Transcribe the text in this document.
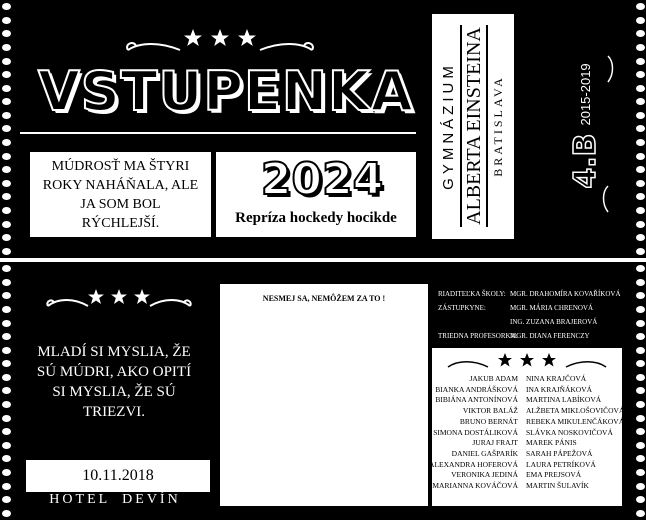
VSTUPENKA
MÚDROSŤ MA ŠTYRI ROKY NAHÁŇALA, ALE JA SOM BOL RÝCHLEJŠÍ.
2024
Repríza hockedy hocikde
GYMNÁZIUM ALBERTA EINSTEINA BRATISLAVA 4.B
2015-2019
MLADÍ SI MYSLIA, ŽE SÚ MÚDRI, AKO OPITÍ SI MYSLIA, ŽE SÚ TRIEZVI.
10.11.2018
HOTEL DEVÍN
NESMEJ SA, NEMÔŽEM ZA TO !	RIADITEĽKA ŠKOLY: MGR. DRAHOMÍRA KOVAŘÍKOVÁ
ZÁSTUPKYNE:	MGR. MÁRIA CHRENOVÁ
ING. ZUZANA BRAJEROVÁ
TRIEDNA PROFESORKA:
MGR. DIANA FERENCZY
JAKUB ADAM
BIANKA ANDRÁŠKOVÁ
BIBIÁNA ANTONÍNOVÁ
VIKTOR BALÁŽ
BRUNO BERNÁT
SIMONA DOSTÁLIKOVÁ
JURAJ FRAJT
DANIEL GAŠPARÍK
ALEXANDRA HOFEROVÁ
VERONIKA JEDINÁ
MARIANNA KOVÁČOVÁ
NINA KRAJČOVÁ
INA KRAJŇÁKOVÁ
MARTINA LABÍKOVÁ
ALŽBETA MIKLOŠOVIČOVÁ
REBEKA MIKULENČÁKOVÁ
SLÁVKA NOSKOVIČOVÁ
MAREK PÁNIS
SARAH PÁPEŽOVÁ
LAURA PETRÍKOVÁ
EMA PREJSOVÁ
MARTIN ŠULAVÍK
